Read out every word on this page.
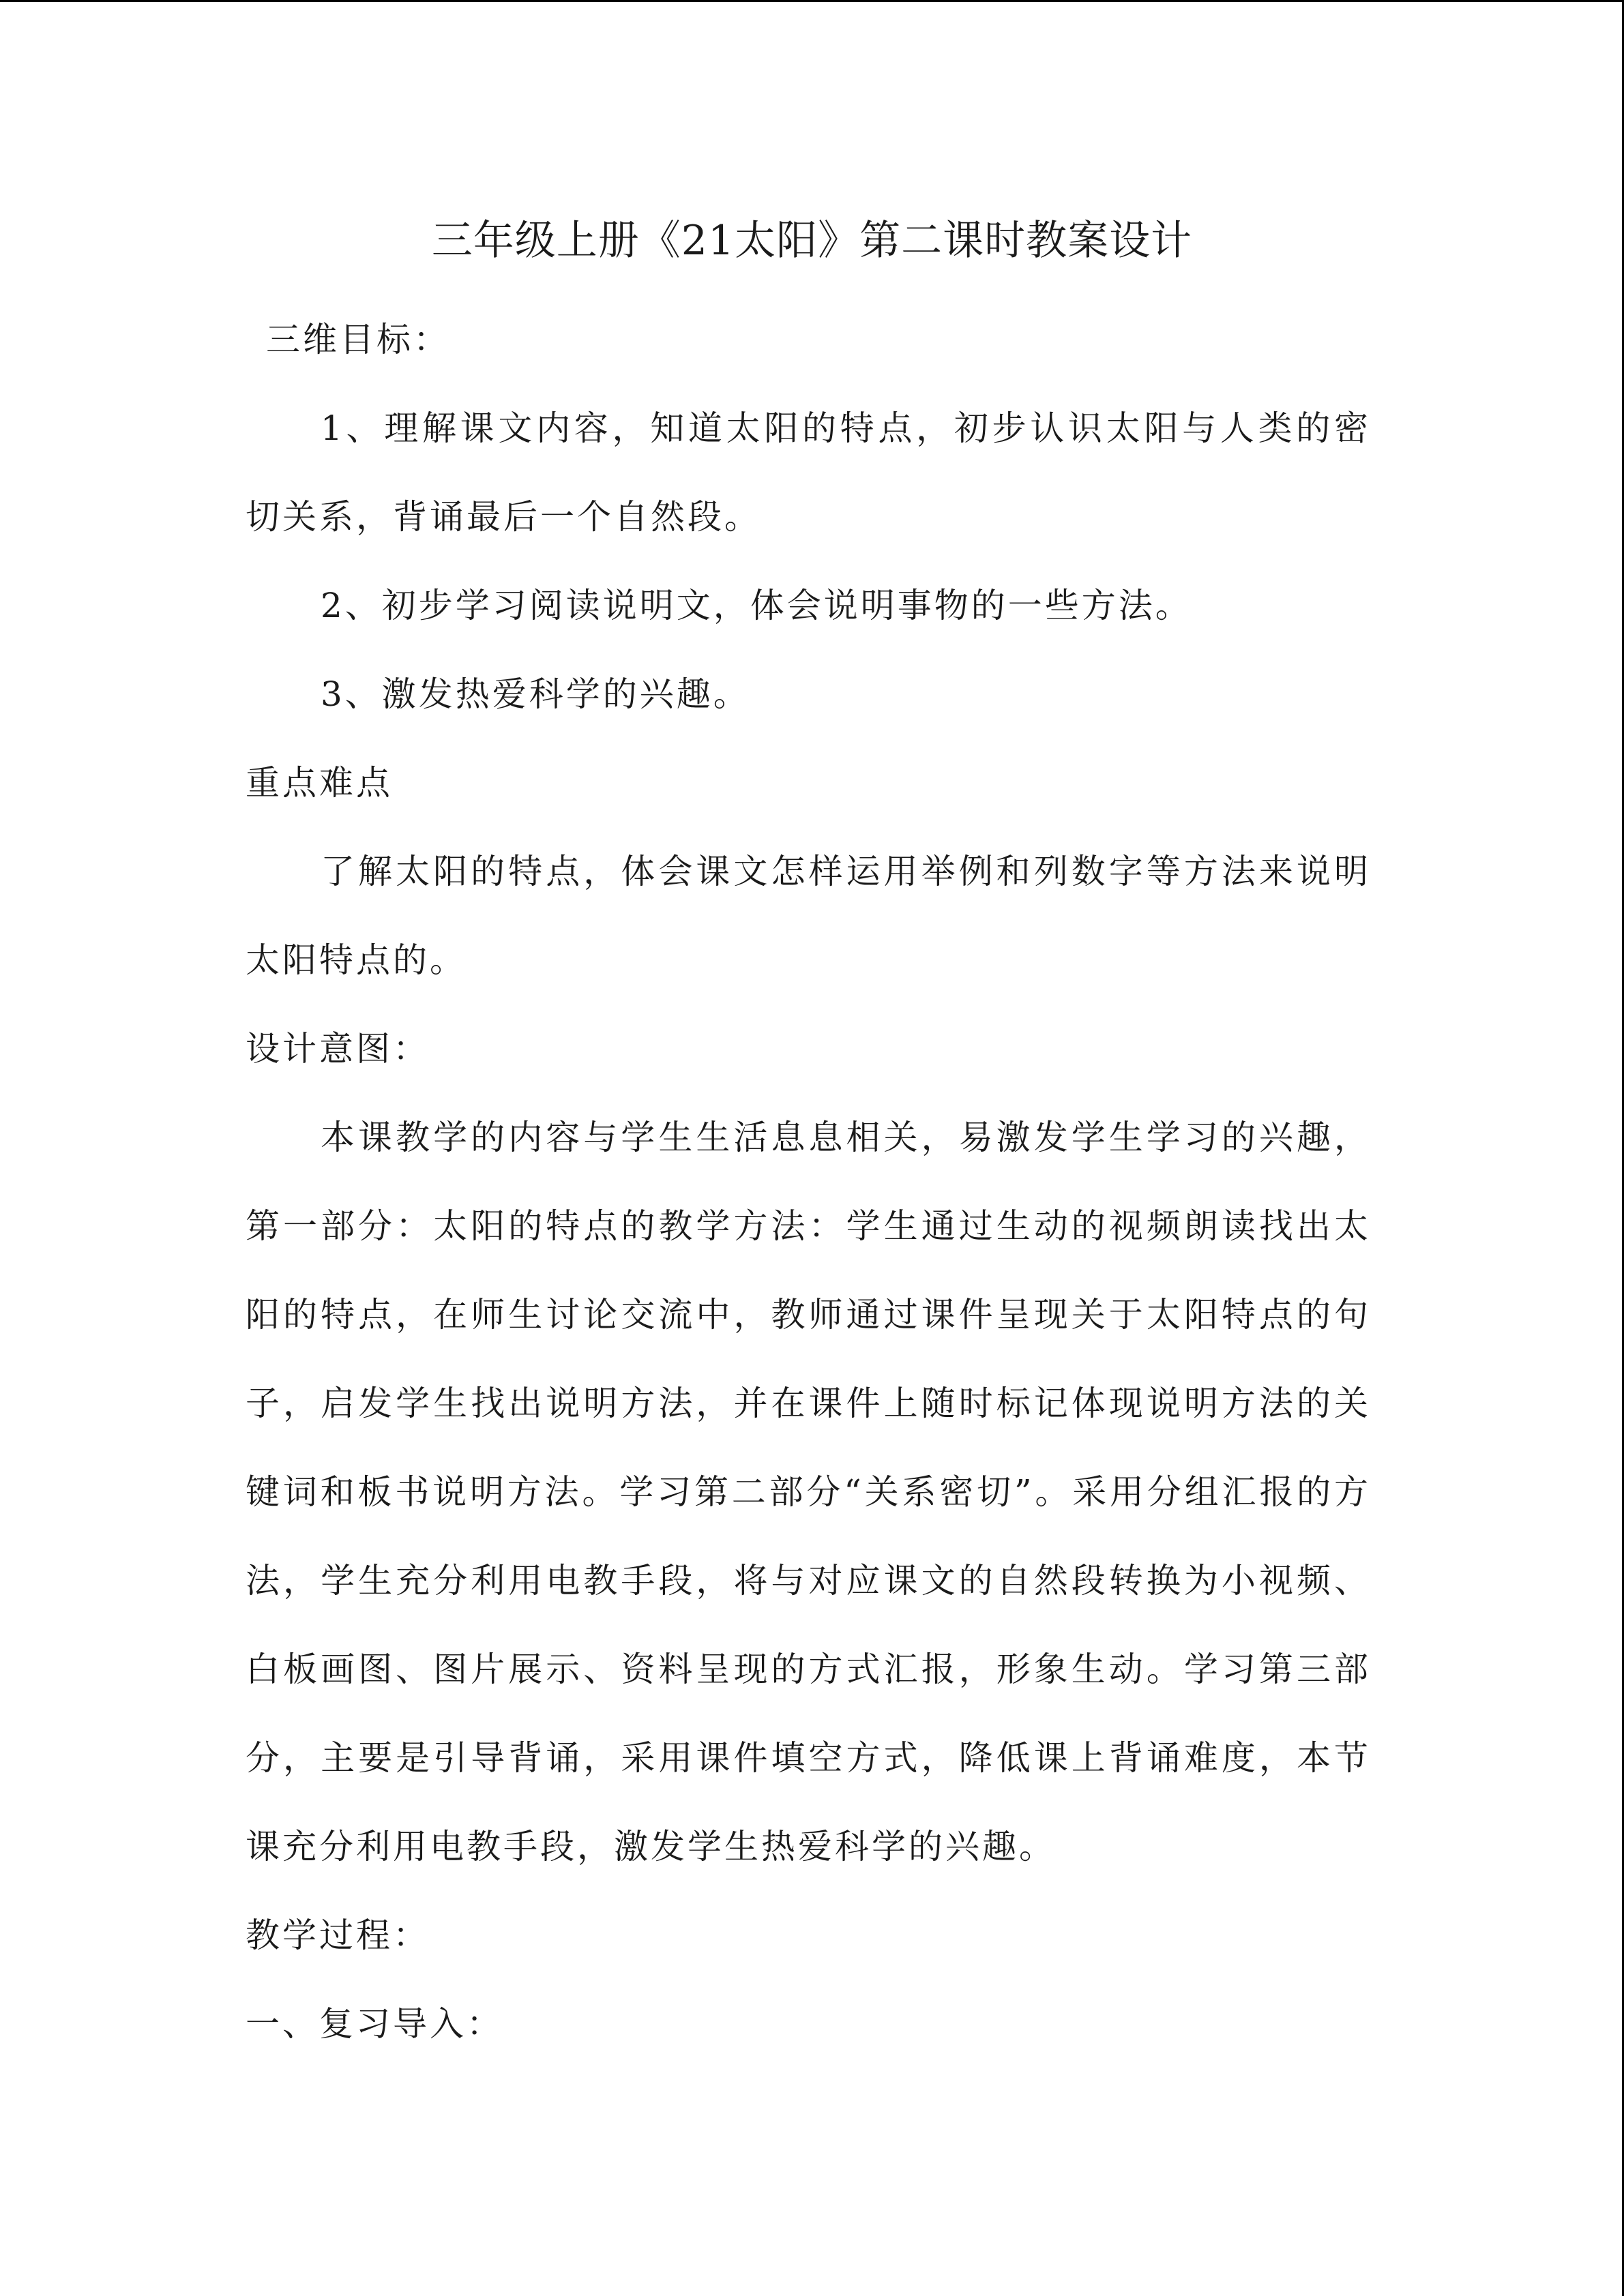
三年级上册《21太阳》第二课时教案设计

三维目标：

1、理解课文内容，知道太阳的特点，初步认识太阳与人类的密切关系，背诵最后一个自然段。

2、初步学习阅读说明文，体会说明事物的一些方法。

3、激发热爱科学的兴趣。

重点难点

了解太阳的特点，体会课文怎样运用举例和列数字等方法来说明太阳特点的。

设计意图：

本课教学的内容与学生生活息息相关，易激发学生学习的兴趣，第一部分：太阳的特点的教学方法：学生通过生动的视频朗读找出太阳的特点，在师生讨论交流中，教师通过课件呈现关于太阳特点的句子，启发学生找出说明方法，并在课件上随时标记体现说明方法的关键词和板书说明方法。学习第二部分“关系密切”。采用分组汇报的方法，学生充分利用电教手段，将与对应课文的自然段转换为小视频、白板画图、图片展示、资料呈现的方式汇报，形象生动。学习第三部分，主要是引导背诵，采用课件填空方式，降低课上背诵难度，本节课充分利用电教手段，激发学生热爱科学的兴趣。

教学过程：

一、复习导入：
